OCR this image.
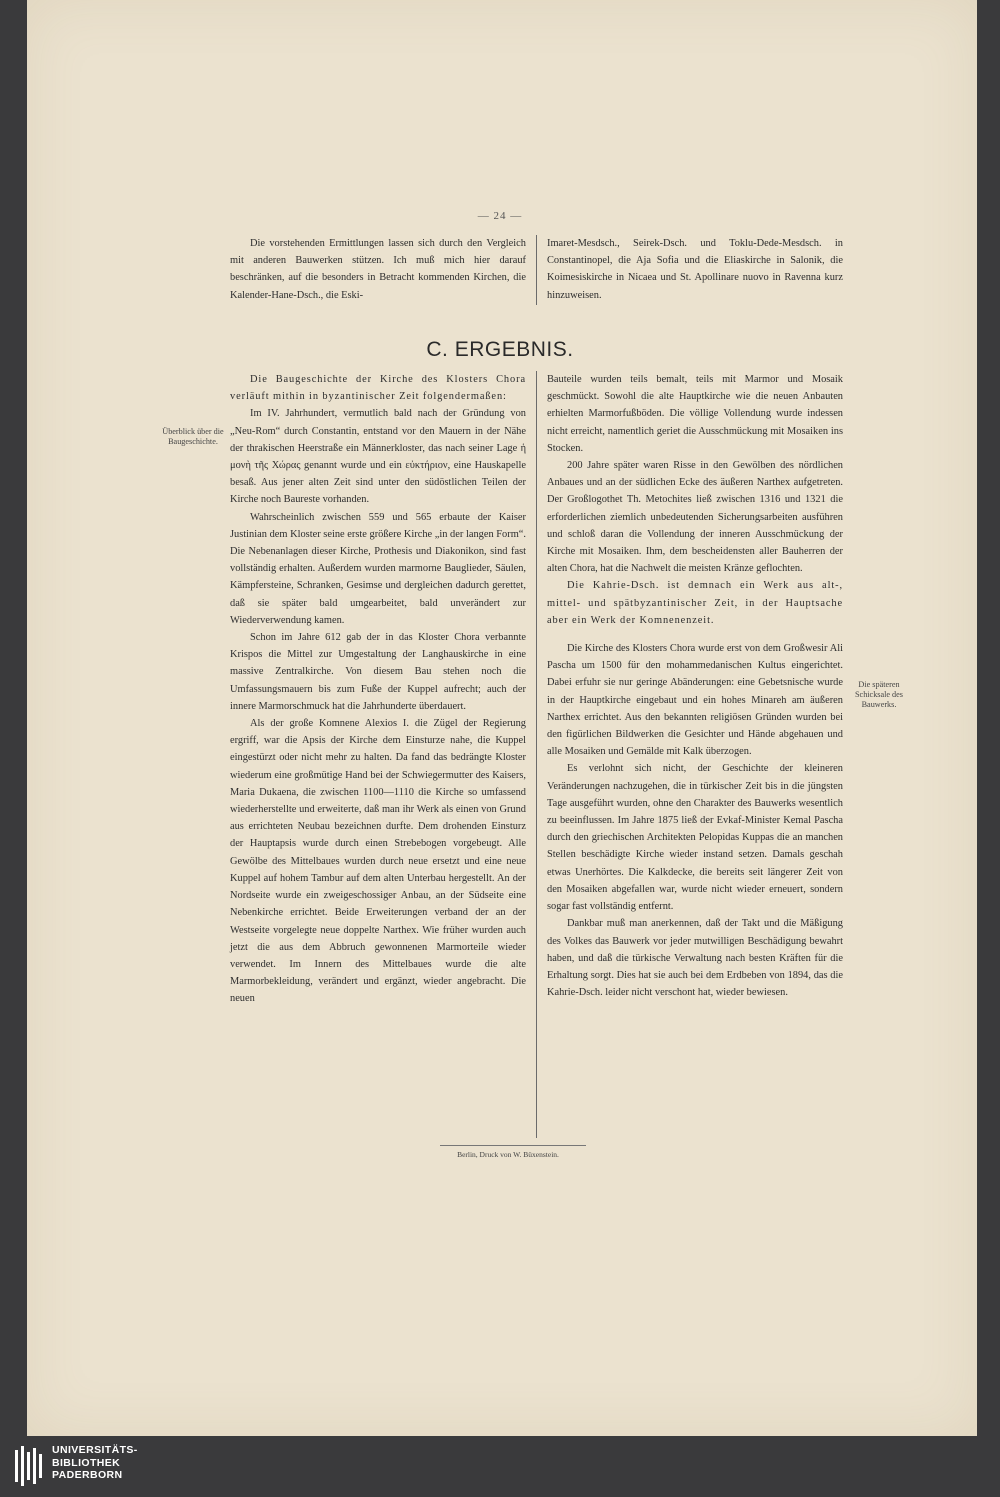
— 24 —

Die vorstehenden Ermittlungen lassen sich durch den Vergleich mit anderen Bauwerken stützen. Ich muß mich hier darauf beschränken, auf die besonders in Betracht kommenden Kirchen, die Kalender-Hane-Dsch., die Eski-

Imaret-Mesdsch., Seirek-Dsch. und Toklu-Dede-Mesdsch. in Constantinopel, die Aja Sofia und die Eliaskirche in Salonik, die Koimesiskirche in Nicaea und St. Apollinare nuovo in Ravenna kurz hinzuweisen.

C. ERGEBNIS.
Überblick über die Baugeschichte.
Die späteren Schicksale des Bauwerks.

Die Baugeschichte der Kirche des Klosters Chora verläuft mithin in byzantinischer Zeit folgendermaßen:

Im IV. Jahrhundert, vermutlich bald nach der Gründung von „Neu-Rom“ durch Constantin, entstand vor den Mauern in der Nähe der thrakischen Heerstraße ein Männerkloster, das nach seiner Lage ἡ μονὴ τῆς Χώρας genannt wurde und ein εὐκτήριον, eine Hauskapelle besaß. Aus jener alten Zeit sind unter den südöstlichen Teilen der Kirche noch Baureste vorhanden.

Wahrscheinlich zwischen 559 und 565 erbaute der Kaiser Justinian dem Kloster seine erste größere Kirche „in der langen Form“. Die Nebenanlagen dieser Kirche, Prothesis und Diakonikon, sind fast vollständig erhalten. Außerdem wurden marmorne Bauglieder, Säulen, Kämpfersteine, Schranken, Gesimse und dergleichen dadurch gerettet, daß sie später bald umgearbeitet, bald unverändert zur Wiederverwendung kamen.

Schon im Jahre 612 gab der in das Kloster Chora verbannte Krispos die Mittel zur Umgestaltung der Langhauskirche in eine massive Zentralkirche. Von diesem Bau stehen noch die Umfassungsmauern bis zum Fuße der Kuppel aufrecht; auch der innere Marmorschmuck hat die Jahrhunderte überdauert.

Als der große Komnene Alexios I. die Zügel der Regierung ergriff, war die Apsis der Kirche dem Einsturze nahe, die Kuppel eingestürzt oder nicht mehr zu halten. Da fand das bedrängte Kloster wiederum eine großmütige Hand bei der Schwiegermutter des Kaisers, Maria Dukaena, die zwischen 1100—1110 die Kirche so umfassend wiederherstellte und erweiterte, daß man ihr Werk als einen von Grund aus errichteten Neubau bezeichnen durfte. Dem drohenden Einsturz der Hauptapsis wurde durch einen Strebebogen vorgebeugt. Alle Gewölbe des Mittelbaues wurden durch neue ersetzt und eine neue Kuppel auf hohem Tambur auf dem alten Unterbau hergestellt. An der Nordseite wurde ein zweigeschossiger Anbau, an der Südseite eine Nebenkirche errichtet. Beide Erweiterungen verband der an der Westseite vorgelegte neue doppelte Narthex. Wie früher wurden auch jetzt die aus dem Abbruch gewonnenen Marmorteile wieder verwendet. Im Innern des Mittelbaues wurde die alte Marmorbekleidung, verändert und ergänzt, wieder angebracht. Die neuen

Bauteile wurden teils bemalt, teils mit Marmor und Mosaik geschmückt. Sowohl die alte Hauptkirche wie die neuen Anbauten erhielten Marmorfußböden. Die völlige Vollendung wurde indessen nicht erreicht, namentlich geriet die Ausschmückung mit Mosaiken ins Stocken.

200 Jahre später waren Risse in den Gewölben des nördlichen Anbaues und an der südlichen Ecke des äußeren Narthex aufgetreten. Der Großlogothet Th. Metochites ließ zwischen 1316 und 1321 die erforderlichen ziemlich unbedeutenden Sicherungsarbeiten ausführen und schloß daran die Vollendung der inneren Ausschmückung der Kirche mit Mosaiken. Ihm, dem bescheidensten aller Bauherren der alten Chora, hat die Nachwelt die meisten Kränze geflochten.

Die Kahrie-Dsch. ist demnach ein Werk aus alt-, mittel- und spätbyzantinischer Zeit, in der Hauptsache aber ein Werk der Komnenenzeit.

Die Kirche des Klosters Chora wurde erst von dem Großwesir Ali Pascha um 1500 für den mohammedanischen Kultus eingerichtet. Dabei erfuhr sie nur geringe Abänderungen: eine Gebetsnische wurde in der Hauptkirche eingebaut und ein hohes Minareh am äußeren Narthex errichtet. Aus den bekannten religiösen Gründen wurden bei den figürlichen Bildwerken die Gesichter und Hände abgehauen und alle Mosaiken und Gemälde mit Kalk überzogen.

Es verlohnt sich nicht, der Geschichte der kleineren Veränderungen nachzugehen, die in türkischer Zeit bis in die jüngsten Tage ausgeführt wurden, ohne den Charakter des Bauwerks wesentlich zu beeinflussen. Im Jahre 1875 ließ der Evkaf-Minister Kemal Pascha durch den griechischen Architekten Pelopidas Kuppas die an manchen Stellen beschädigte Kirche wieder instand setzen. Damals geschah etwas Unerhörtes. Die Kalkdecke, die bereits seit längerer Zeit von den Mosaiken abgefallen war, wurde nicht wieder erneuert, sondern sogar fast vollständig entfernt.

Dankbar muß man anerkennen, daß der Takt und die Mäßigung des Volkes das Bauwerk vor jeder mutwilligen Beschädigung bewahrt haben, und daß die türkische Verwaltung nach besten Kräften für die Erhaltung sorgt. Dies hat sie auch bei dem Erdbeben von 1894, das die Kahrie-Dsch. leider nicht verschont hat, wieder bewiesen.

Berlin, Druck von W. Büxenstein.
UNIVERSITÄTS-
BIBLIOTHEK
PADERBORN
